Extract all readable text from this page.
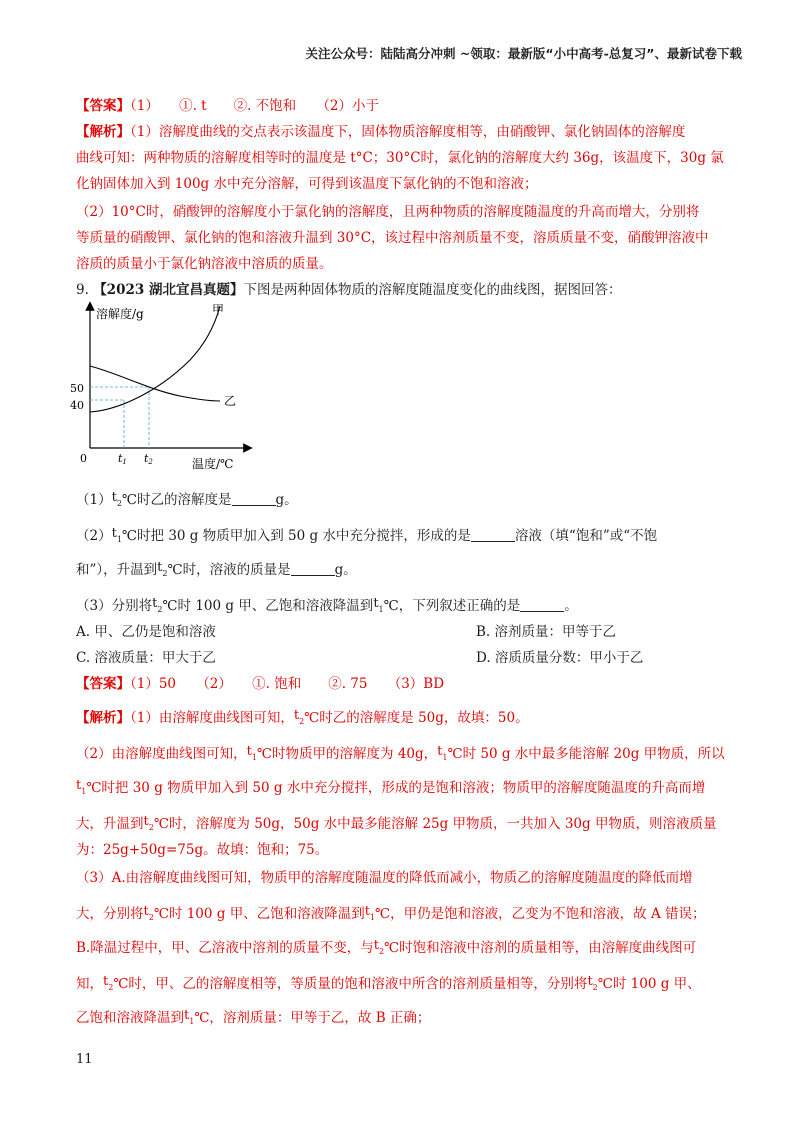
关注公众号：陆陆高分冲刺 ~领取：最新版“小中高考-总复习”、最新试卷下载
【答案】（1）　　①. t　　②. 不饱和　　（2）小于
【解析】（1）溶解度曲线的交点表示该温度下，固体物质溶解度相等，由硝酸钾、氯化钠固体的溶解度
曲线可知：两种物质的溶解度相等时的温度是 t°C；30°C时，氯化钠的溶解度大约 36g，该温度下，30g 氯
化钠固体加入到 100g 水中充分溶解，可得到该温度下氯化钠的不饱和溶液；
（2）10°C时，硝酸钾的溶解度小于氯化钠的溶解度，且两种物质的溶解度随温度的升高而增大，分别将
等质量的硝酸钾、氯化钠的饱和溶液升温到 30°C，该过程中溶剂质量不变，溶质质量不变，硝酸钾溶液中
溶质的质量小于氯化钠溶液中溶质的质量。
9. 【2023 湖北宜昌真题】下图是两种固体物质的溶解度随温度变化的曲线图，据图回答：
溶解度/g
温度/℃
0
50
40
甲
乙
t1 t2
$(1)t_2℃$时乙的溶解度是	g。
$(2)t_1℃$时把 30 g 物质甲加入到 50 g 水中充分搅拌，形成的是	溶液（填“饱和”或“不饱
和”），升温到$t_2℃$时，溶液的质量是	g。
（3）分别将$t_2℃$时 100 g 甲、乙饱和溶液降温到$t_1℃$，下列叙述正确的是	。
A. 甲、乙仍是饱和溶液	B. 溶剂质量：甲等于乙
C. 溶液质量：甲大于乙	D. 溶质质量分数：甲小于乙
【答案】（1）50　　（2）　　①. 饱和　　②. 75　　（3）BD
【解析】（1）由溶解度曲线图可知，$t_2℃$时乙的溶解度是 50g，故填：50。
（2）由溶解度曲线图可知，$t_1℃$时物质甲的溶解度为 40g，$t_1℃$时 50 g 水中最多能溶解 20g 甲物质，所以
$t_1℃$时把 30 g 物质甲加入到 50 g 水中充分搅拌，形成的是饱和溶液；物质甲的溶解度随温度的升高而增
大，升温到$t_2℃$时，溶解度为 50g，50g 水中最多能溶解 25g 甲物质，一共加入 30g 甲物质，则溶液质量
为：25g+50g=75g。故填：饱和；75。
（3）A.由溶解度曲线图可知，物质甲的溶解度随温度的降低而减小，物质乙的溶解度随温度的降低而增
大，分别将$t_2℃$时 100 g 甲、乙饱和溶液降温到$t_1℃$，甲仍是饱和溶液，乙变为不饱和溶液，故 A 错误；
B.降温过程中，甲、乙溶液中溶剂的质量不变，与$t_2℃$时饱和溶液中溶剂的质量相等，由溶解度曲线图可
知，$t_2℃$时，甲、乙的溶解度相等，等质量的饱和溶液中所含的溶剂质量相等，分别将$t_2℃$时 100 g 甲、
乙饱和溶液降温到$t_1℃$，溶剂质量：甲等于乙，故 B 正确；
11
